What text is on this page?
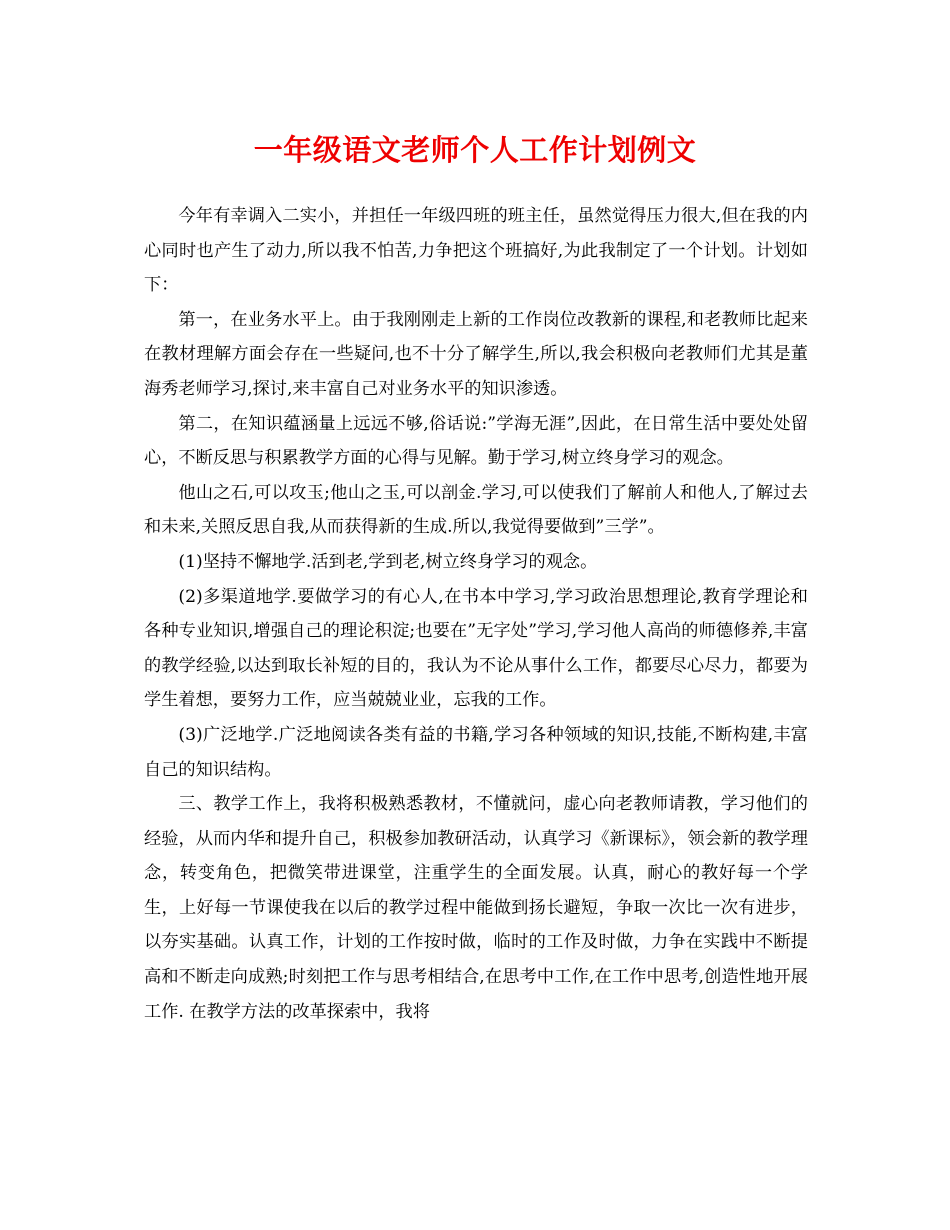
一年级语文老师个人工作计划例文

今年有幸调入二实小，并担任一年级四班的班主任，虽然觉得压力很大,但在我的内心同时也产生了动力,所以我不怕苦,力争把这个班搞好,为此我制定了一个计划。计划如下：

第一，在业务水平上。由于我刚刚走上新的工作岗位改教新的课程,和老教师比起来在教材理解方面会存在一些疑问,也不十分了解学生,所以,我会积极向老教师们尤其是董海秀老师学习,探讨,来丰富自己对业务水平的知识渗透。

第二，在知识蕴涵量上远远不够,俗话说:”学海无涯”,因此，在日常生活中要处处留心，不断反思与积累教学方面的心得与见解。勤于学习,树立终身学习的观念。

他山之石,可以攻玉;他山之玉,可以剖金.学习,可以使我们了解前人和他人,了解过去和未来,关照反思自我,从而获得新的生成.所以,我觉得要做到”三学”。

(1)坚持不懈地学.活到老,学到老,树立终身学习的观念。

(2)多渠道地学.要做学习的有心人,在书本中学习,学习政治思想理论,教育学理论和各种专业知识,增强自己的理论积淀;也要在”无字处”学习,学习他人高尚的师德修养,丰富的教学经验,以达到取长补短的目的，我认为不论从事什么工作，都要尽心尽力，都要为学生着想，要努力工作，应当兢兢业业，忘我的工作。

(3)广泛地学.广泛地阅读各类有益的书籍,学习各种领域的知识,技能,不断构建,丰富自己的知识结构。

三、教学工作上，我将积极熟悉教材，不懂就问，虚心向老教师请教，学习他们的经验，从而内华和提升自己，积极参加教研活动，认真学习《新课标》，领会新的教学理念，转变角色，把微笑带进课堂，注重学生的全面发展。认真，耐心的教好每一个学生，上好每一节课使我在以后的教学过程中能做到扬长避短，争取一次比一次有进步，以夯实基础。认真工作，计划的工作按时做，临时的工作及时做，力争在实践中不断提高和不断走向成熟;时刻把工作与思考相结合,在思考中工作,在工作中思考,创造性地开展工作. 在教学方法的改革探索中，我将
